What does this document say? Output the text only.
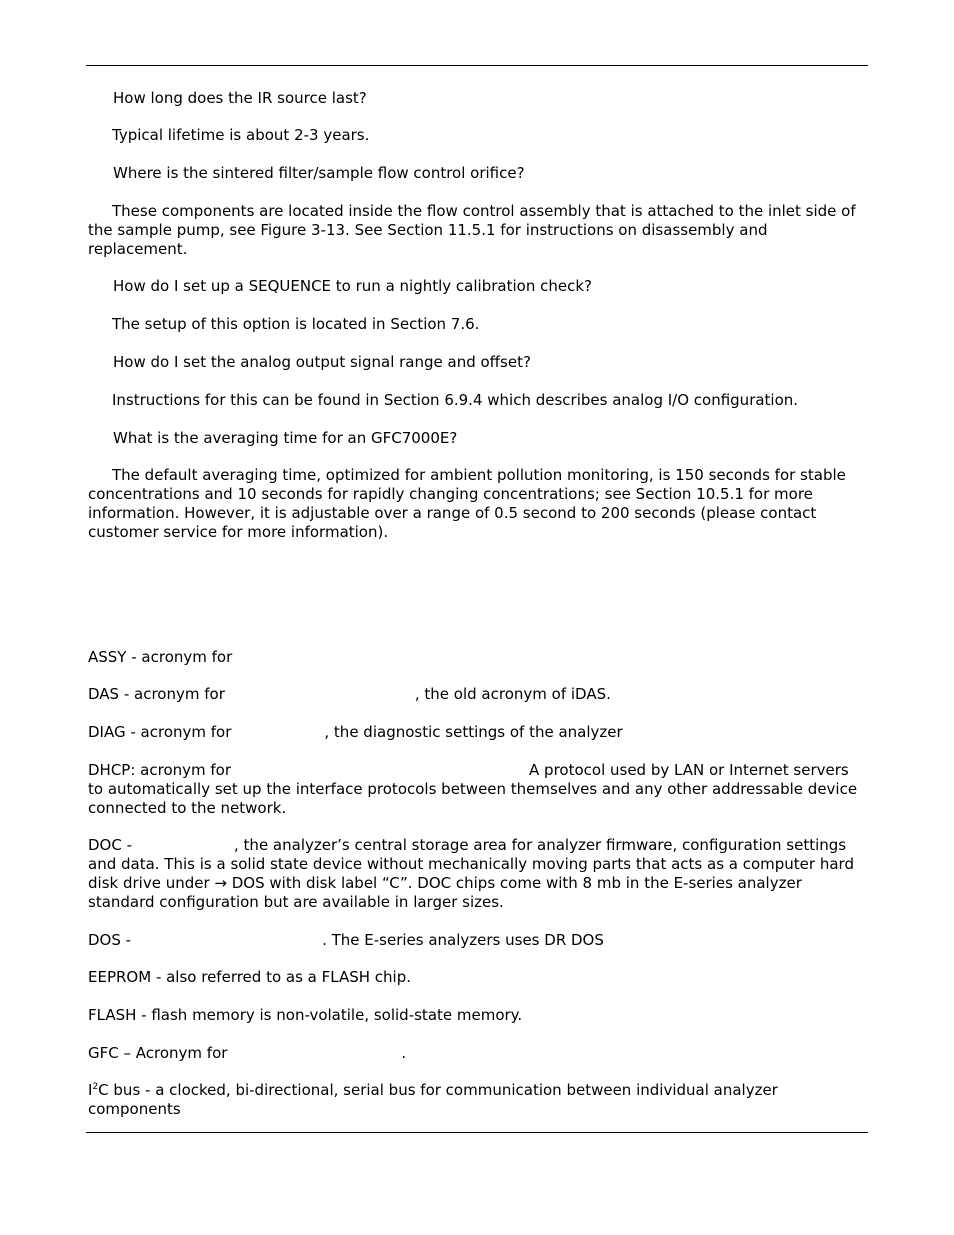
How long does the IR source last?

Typical lifetime is about 2-3 years.

Where is the sintered filter/sample flow control orifice?

These components are located inside the flow control assembly that is attached to the inlet side of the sample pump, see Figure 3-13. See Section 11.5.1 for instructions on disassembly and replacement.

How do I set up a SEQUENCE to run a nightly calibration check?

The setup of this option is located in Section 7.6.

How do I set the analog output signal range and offset?

Instructions for this can be found in Section 6.9.4 which describes analog I/O configuration.

What is the averaging time for an GFC7000E?

The default averaging time, optimized for ambient pollution monitoring, is 150 seconds for stable concentrations and 10 seconds for rapidly changing concentrations; see Section 10.5.1 for more information. However, it is adjustable over a range of 0.5 second to 200 seconds (please contact customer service for more information).

ASSY - acronym for

DAS - acronym for	, the old acronym of iDAS.

DIAG - acronym for	, the diagnostic settings of the analyzer

DHCP: acronym for	A protocol used by LAN or Internet servers to automatically set up the interface protocols between themselves and any other addressable device connected to the network.

DOC -	, the analyzer’s central storage area for analyzer firmware, configuration settings and data. This is a solid state device without mechanically moving parts that acts as a computer hard disk drive under → DOS with disk label “C”. DOC chips come with 8 mb in the E-series analyzer standard configuration but are available in larger sizes.

DOS -	. The E-series analyzers uses DR DOS

EEPROM - also referred to as a FLASH chip.

FLASH - flash memory is non-volatile, solid-state memory.

GFC – Acronym for	.

$I^2C$ bus - a clocked, bi-directional, serial bus for communication between individual analyzer components
